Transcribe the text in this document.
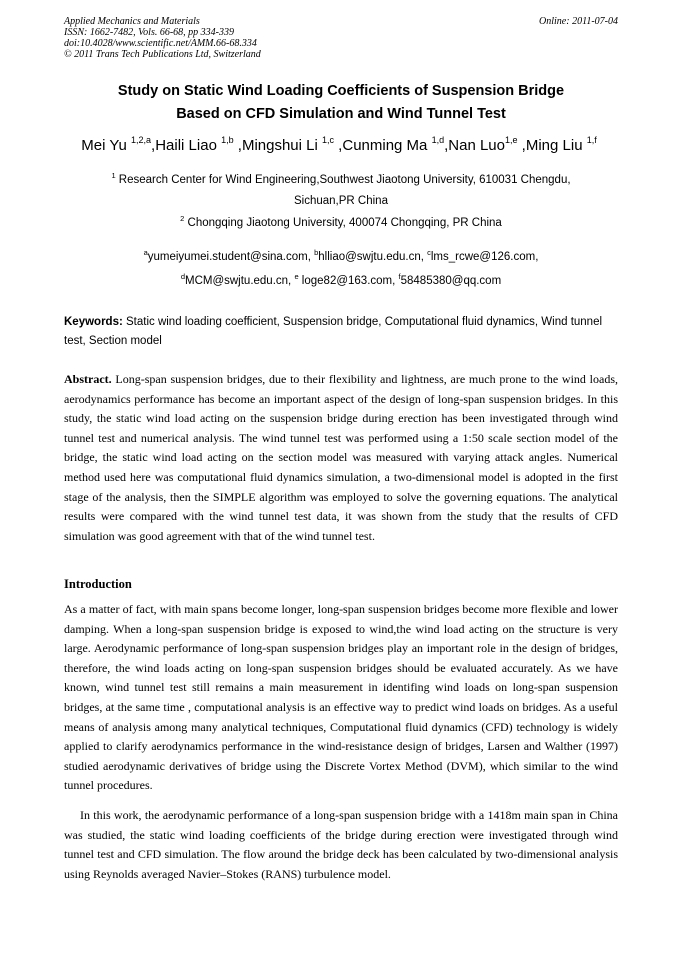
Applied Mechanics and Materials
ISSN: 1662-7482, Vols. 66-68, pp 334-339
doi:10.4028/www.scientific.net/AMM.66-68.334
© 2011 Trans Tech Publications Ltd, Switzerland
Online: 2011-07-04
Study on Static Wind Loading Coefficients of Suspension Bridge
Based on CFD Simulation and Wind Tunnel Test
Mei Yu $^{1,2,a}$,Haili Liao $^{1,b}$ ,Mingshui Li $^{1,c}$ ,Cunming Ma $^{1,d}$,Nan Luo$^{1,e}$ ,Ming Liu $^{1,f}$
$^1$ Research Center for Wind Engineering,Southwest Jiaotong University, 610031 Chengdu,
Sichuan,PR China
$^2$ Chongqing Jiaotong University, 400074 Chongqing, PR China
$^a$yumeiyumei.student@sina.com, $^b$hlliao@swjtu.edu.cn, $^c$lms_rcwe@126.com,
$^d$MCM@swjtu.edu.cn, $^e$ loge82@163.com, $^f$58485380@qq.com
Keywords: Static wind loading coefficient, Suspension bridge, Computational fluid dynamics, Wind tunnel test, Section model
Abstract. Long-span suspension bridges, due to their flexibility and lightness, are much prone to the wind loads, aerodynamics performance has become an important aspect of the design of long-span suspension bridges. In this study, the static wind load acting on the suspension bridge during erection has been investigated through wind tunnel test and numerical analysis. The wind tunnel test was performed using a 1:50 scale section model of the bridge, the static wind load acting on the section model was measured with varying attack angles. Numerical method used here was computational fluid dynamics simulation, a two-dimensional model is adopted in the first stage of the analysis, then the SIMPLE algorithm was employed to solve the governing equations. The analytical results were compared with the wind tunnel test data, it was shown from the study that the results of CFD simulation was good agreement with that of the wind tunnel test.
Introduction
As a matter of fact, with main spans become longer, long-span suspension bridges become more flexible and lower damping. When a long-span suspension bridge is exposed to wind,the wind load acting on the structure is very large. Aerodynamic performance of long-span suspension bridges play an important role in the design of bridges, therefore, the wind loads acting on long-span suspension bridges should be evaluated accurately. As we have known, wind tunnel test still remains a main measurement in identifing wind loads on long-span suspension bridges, at the same time , computational analysis is an effective way to predict wind loads on bridges. As a useful means of analysis among many analytical techniques, Computational fluid dynamics (CFD) technology is widely applied to clarify aerodynamics performance in the wind-resistance design of bridges, Larsen and Walther (1997) studied aerodynamic derivatives of bridge using the Discrete Vortex Method (DVM), which similar to the wind tunnel procedures.
In this work, the aerodynamic performance of a long-span suspension bridge with a 1418m main span in China was studied, the static wind loading coefficients of the bridge during erection were investigated through wind tunnel test and CFD simulation. The flow around the bridge deck has been calculated by two-dimensional analysis using Reynolds averaged Navier–Stokes (RANS) turbulence model.
